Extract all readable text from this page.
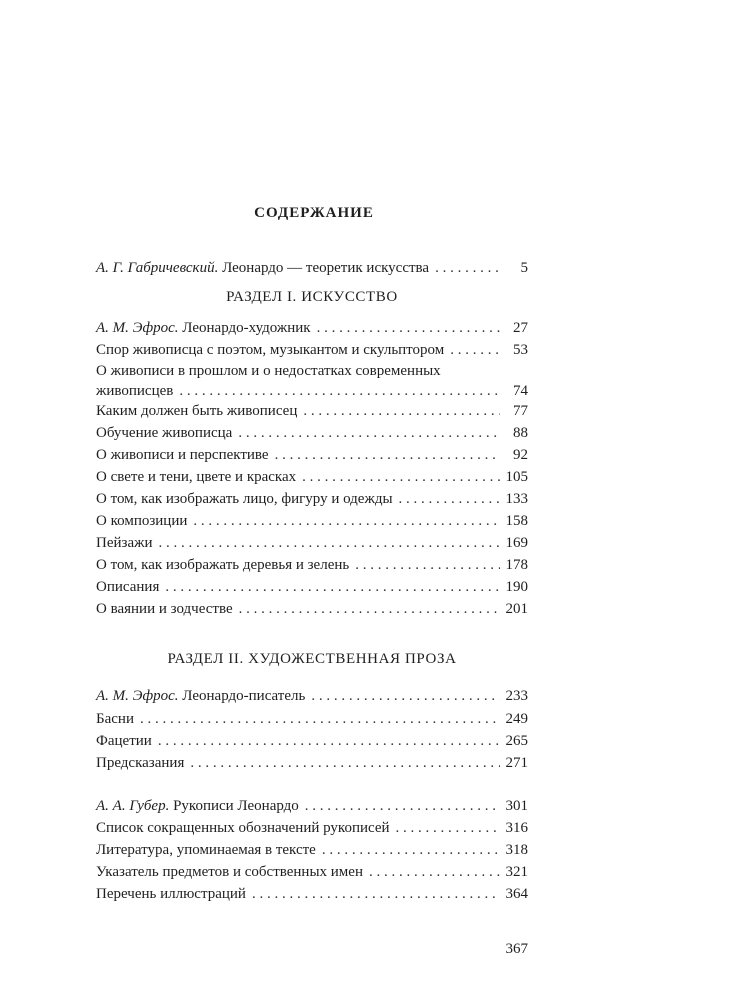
СОДЕРЖАНИЕ
А. Г. Габричевский. Леонардо — теоретик искусства . . .	5
РАЗДЕЛ I. ИСКУССТВО
А. М. Эфрос. Леонардо-художник . . .	27
Спор живописца с поэтом, музыкантом и скульптором . . .	53
О живописи в прошлом и о недостатках современных
живописцев . . .	74
Каким должен быть живописец . . .	77
Обучение живописца . . .	88
О живописи и перспективе . . .	92
О свете и тени, цвете и красках . . .	105
О том, как изображать лицо, фигуру и одежды . . .	133
О композиции . . .	158
Пейзажи . . .	169
О том, как изображать деревья и зелень . . .	178
Описания . . .	190
О ваянии и зодчестве . . .	201
РАЗДЕЛ II. ХУДОЖЕСТВЕННАЯ ПРОЗА
А. М. Эфрос. Леонардо-писатель . . .	233
Басни . . .	249
Фацетии . . .	265
Предсказания . . .	271
А. А. Губер. Рукописи Леонардо . . .	301
Список сокращенных обозначений рукописей . . .	316
Литература, упоминаемая в тексте . . .	318
Указатель предметов и собственных имен . . .	321
Перечень иллюстраций . . .	364
367
